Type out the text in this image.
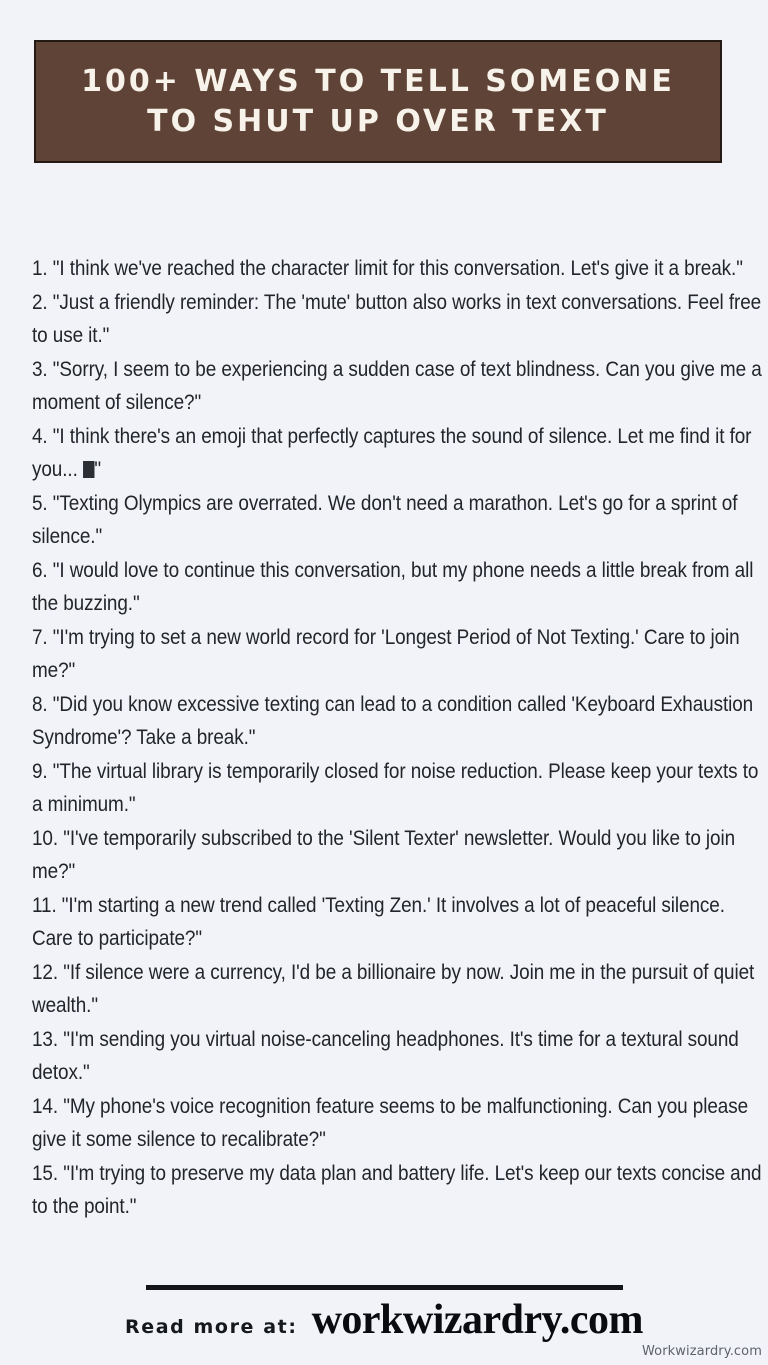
100+ WAYS TO TELL SOMEONE
TO SHUT UP OVER TEXT

1. "I think we've reached the character limit for this conversation. Let's give it a break."

2. "Just a friendly reminder: The 'mute' button also works in text conversations. Feel free to use it."

3. "Sorry, I seem to be experiencing a sudden case of text blindness. Can you give me a moment of silence?"

4. "I think there's an emoji that perfectly captures the sound of silence. Let me find it for you... "

5. "Texting Olympics are overrated. We don't need a marathon. Let's go for a sprint of silence."

6. "I would love to continue this conversation, but my phone needs a little break from all the buzzing."

7. "I'm trying to set a new world record for 'Longest Period of Not Texting.' Care to join me?"

8. "Did you know excessive texting can lead to a condition called 'Keyboard Exhaustion Syndrome'? Take a break."

9. "The virtual library is temporarily closed for noise reduction. Please keep your texts to a minimum."

10. "I've temporarily subscribed to the 'Silent Texter' newsletter. Would you like to join me?"

11. "I'm starting a new trend called 'Texting Zen.' It involves a lot of peaceful silence. Care to participate?"

12. "If silence were a currency, I'd be a billionaire by now. Join me in the pursuit of quiet wealth."

13. "I'm sending you virtual noise-canceling headphones. It's time for a textural sound detox."

14. "My phone's voice recognition feature seems to be malfunctioning. Can you please give it some silence to recalibrate?"

15. "I'm trying to preserve my data plan and battery life. Let's keep our texts concise and to the point."

Read more at: workwizardry.com
Workwizardry.com
